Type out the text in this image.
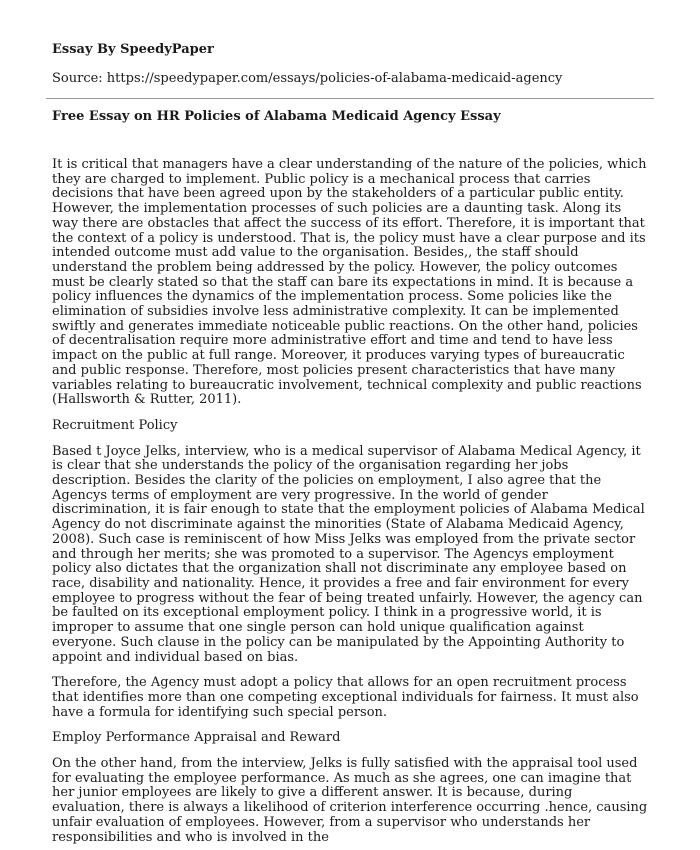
Essay By SpeedyPaper
Source: https://speedypaper.com/essays/policies-of-alabama-medicaid-agency
Free Essay on HR Policies of Alabama Medicaid Agency Essay

It is critical that managers have a clear understanding of the nature of the policies, which they are charged to implement. Public policy is a mechanical process that carries decisions that have been agreed upon by the stakeholders of a particular public entity. However, the implementation processes of such policies are a daunting task. Along its way there are obstacles that affect the success of its effort. Therefore, it is important that the context of a policy is understood. That is, the policy must have a clear purpose and its intended outcome must add value to the organisation. Besides,, the staff should understand the problem being addressed by the policy. However, the policy outcomes must be clearly stated so that the staff can bare its expectations in mind. It is because a policy influences the dynamics of the implementation process. Some policies like the elimination of subsidies involve less administrative complexity. It can be implemented swiftly and generates immediate noticeable public reactions. On the other hand, policies of decentralisation require more administrative effort and time and tend to have less impact on the public at full range. Moreover, it produces varying types of bureaucratic and public response. Therefore, most policies present characteristics that have many variables relating to bureaucratic involvement, technical complexity and public reactions (Hallsworth & Rutter, 2011).

Recruitment Policy

Based t Joyce Jelks, interview, who is a medical supervisor of Alabama Medical Agency, it is clear that she understands the policy of the organisation regarding her jobs description. Besides the clarity of the policies on employment, I also agree that the Agencys terms of employment are very progressive. In the world of gender discrimination, it is fair enough to state that the employment policies of Alabama Medical Agency do not discriminate against the minorities (State of Alabama Medicaid Agency, 2008). Such case is reminiscent of how Miss Jelks was employed from the private sector and through her merits; she was promoted to a supervisor. The Agencys employment policy also dictates that the organization shall not discriminate any employee based on race, disability and nationality. Hence, it provides a free and fair environment for every employee to progress without the fear of being treated unfairly. However, the agency can be faulted on its exceptional employment policy. I think in a progressive world, it is improper to assume that one single person can hold unique qualification against everyone. Such clause in the policy can be manipulated by the Appointing Authority to appoint and individual based on bias.

Therefore, the Agency must adopt a policy that allows for an open recruitment process that identifies more than one competing exceptional individuals for fairness. It must also have a formula for identifying such special person.

Employ Performance Appraisal and Reward

On the other hand, from the interview, Jelks is fully satisfied with the appraisal tool used for evaluating the employee performance. As much as she agrees, one can imagine that her junior employees are likely to give a different answer. It is because, during evaluation, there is always a likelihood of criterion interference occurring .hence, causing unfair evaluation of employees. However, from a supervisor who understands her responsibilities and who is involved in the
